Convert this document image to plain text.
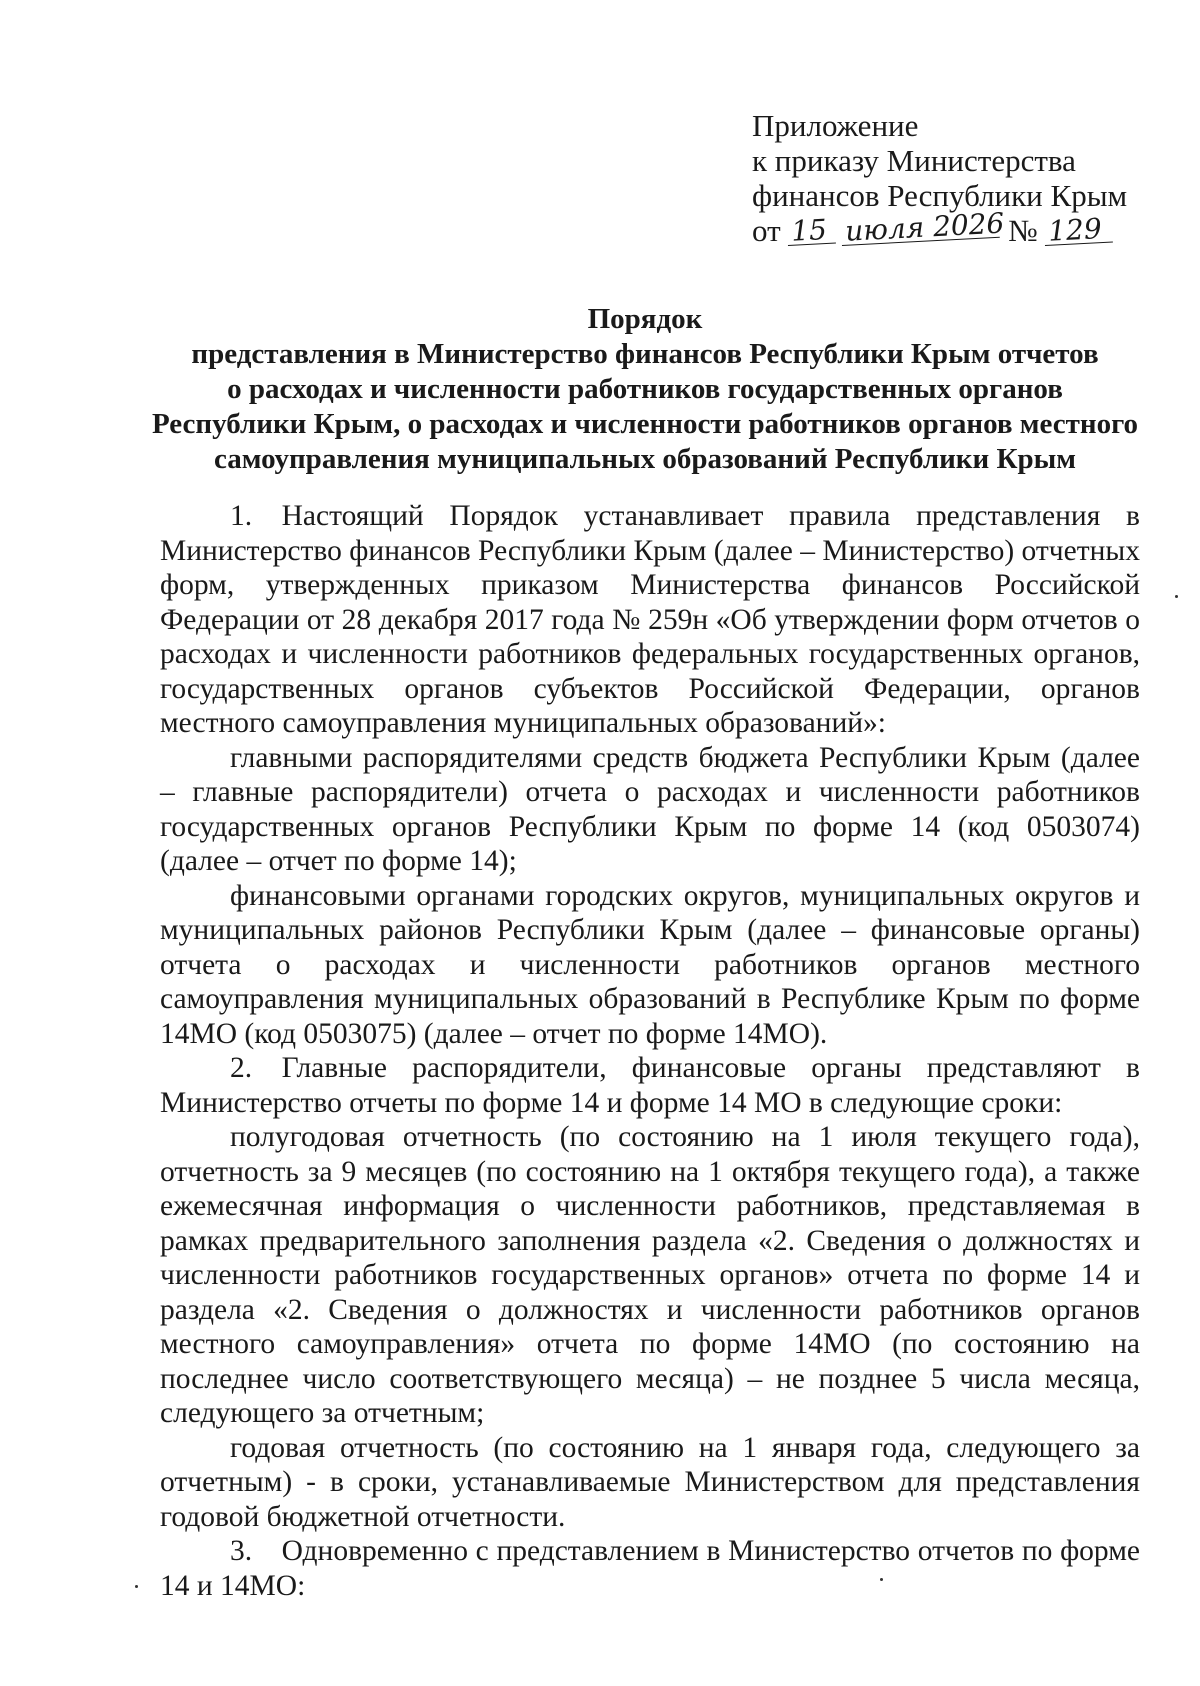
Приложение
к приказу Министерства
финансов Республики Крым
от 15 июля 2026 № 129
Порядок
представления в Министерство финансов Республики Крым отчетов
о расходах и численности работников государственных органов
Республики Крым, о расходах и численности работников органов местного
самоуправления муниципальных образований Республики Крым

1. Настоящий Порядок устанавливает правила представления в Министерство финансов Республики Крым (далее – Министерство) отчетных форм, утвержденных приказом Министерства финансов Российской Федерации от 28 декабря 2017 года № 259н «Об утверждении форм отчетов о расходах и численности работников федеральных государственных органов, государственных органов субъектов Российской Федерации, органов местного самоуправления муниципальных образований»:

главными распорядителями средств бюджета Республики Крым (далее – главные распорядители) отчета о расходах и численности работников государственных органов Республики Крым по форме 14 (код 0503074) (далее – отчет по форме 14);

финансовыми органами городских округов, муниципальных округов и муниципальных районов Республики Крым (далее – финансовые органы) отчета о расходах и численности работников органов местного самоуправления муниципальных образований в Республике Крым по форме 14МО (код 0503075) (далее – отчет по форме 14МО).

2. Главные распорядители, финансовые органы представляют в Министерство отчеты по форме 14 и форме 14 МО в следующие сроки:

полугодовая отчетность (по состоянию на 1 июля текущего года), отчетность за 9 месяцев (по состоянию на 1 октября текущего года), а также ежемесячная информация о численности работников, представляемая в рамках предварительного заполнения раздела «2. Сведения о должностях и численности работников государственных органов» отчета по форме 14 и раздела «2. Сведения о должностях и численности работников органов местного самоуправления» отчета по форме 14МО (по состоянию на последнее число соответствующего месяца) – не позднее 5 числа месяца, следующего за отчетным;

годовая отчетность (по состоянию на 1 января года, следующего за отчетным) - в сроки, устанавливаемые Министерством для представления годовой бюджетной отчетности.

3. Одновременно с представлением в Министерство отчетов по форме 14 и 14МО:
